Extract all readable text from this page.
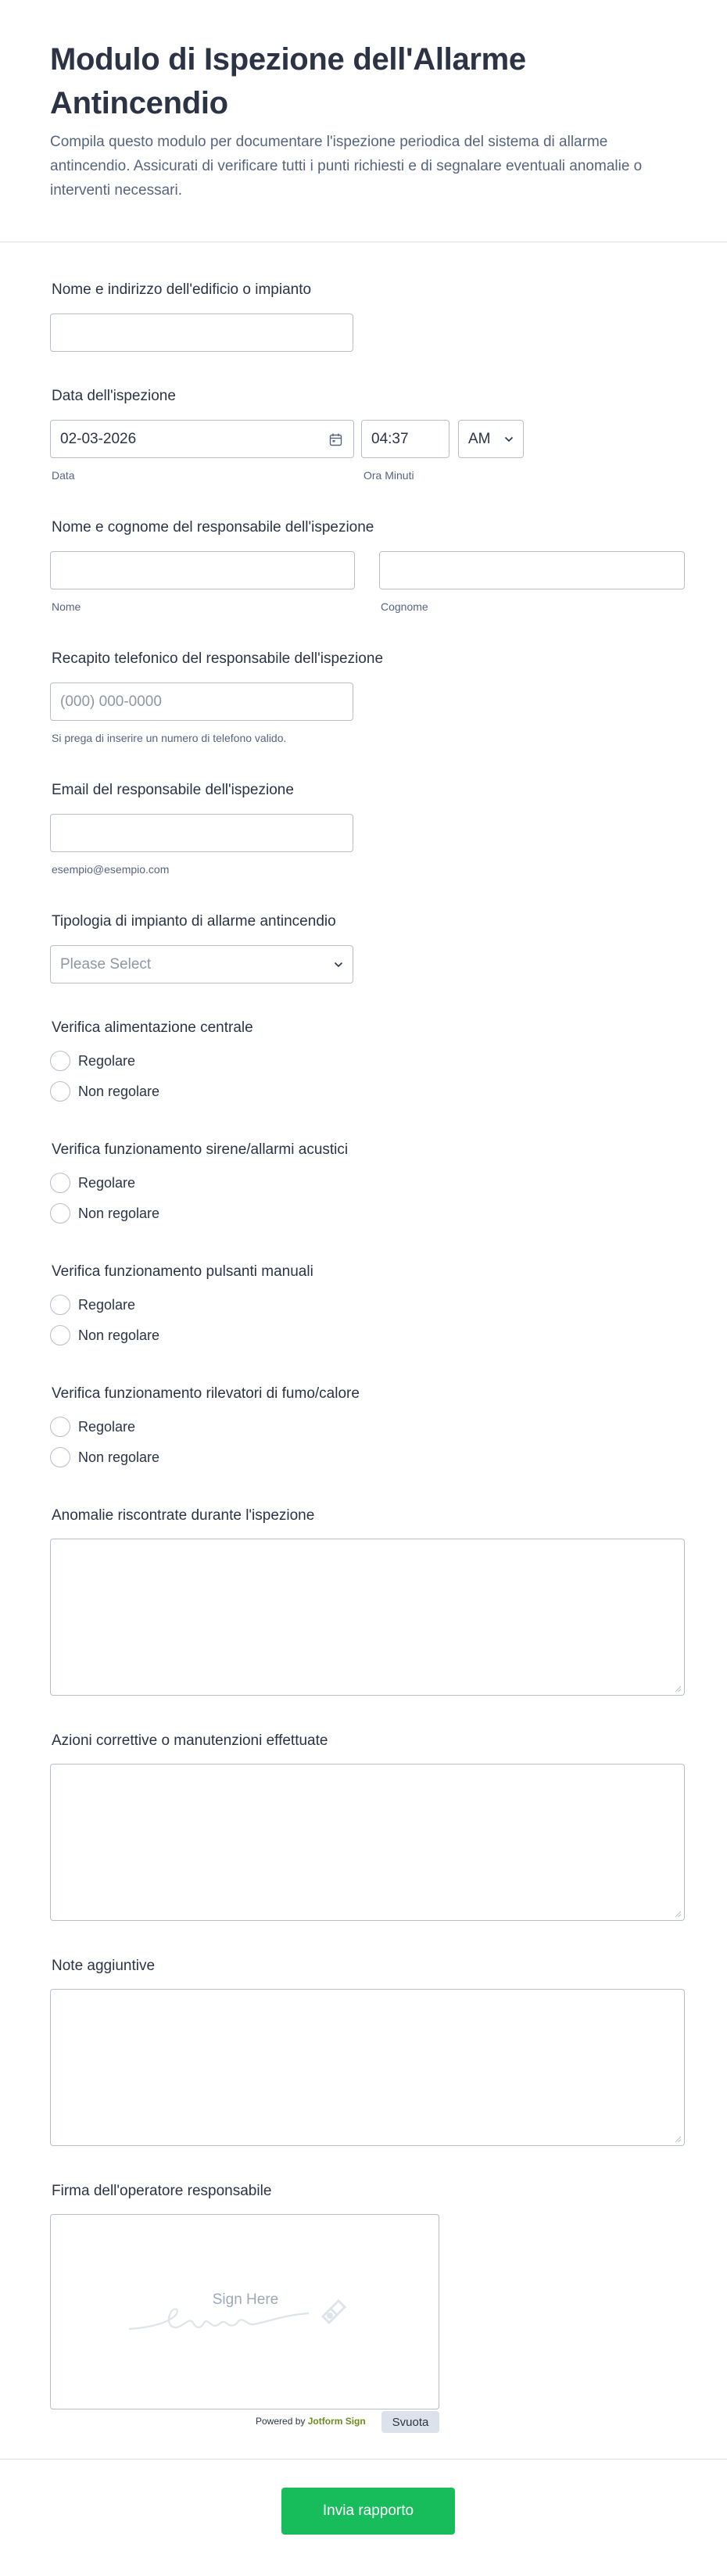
Modulo di Ispezione dell'Allarme Antincendio
Compila questo modulo per documentare l'ispezione periodica del sistema di allarme antincendio. Assicurati di verificare tutti i punti richiesti e di segnalare eventuali anomalie o interventi necessari.
Nome e indirizzo dell'edificio o impianto
Data dell'ispezione
02-03-2026	04:37	AM
Data	Ora Minuti
Nome e cognome del responsabile dell'ispezione
Nome	Cognome
Recapito telefonico del responsabile dell'ispezione
(000) 000-0000
Si prega di inserire un numero di telefono valido.
Email del responsabile dell'ispezione
esempio@esempio.com
Tipologia di impianto di allarme antincendio
Please Select
Verifica alimentazione centrale
Regolare
Non regolare
Verifica funzionamento sirene/allarmi acustici
Regolare
Non regolare
Verifica funzionamento pulsanti manuali
Regolare
Non regolare
Verifica funzionamento rilevatori di fumo/calore
Regolare
Non regolare
Anomalie riscontrate durante l'ispezione
Azioni correttive o manutenzioni effettuate
Note aggiuntive
Firma dell'operatore responsabile
Sign Here
Powered by Jotform Sign	Svuota
Invia rapporto
